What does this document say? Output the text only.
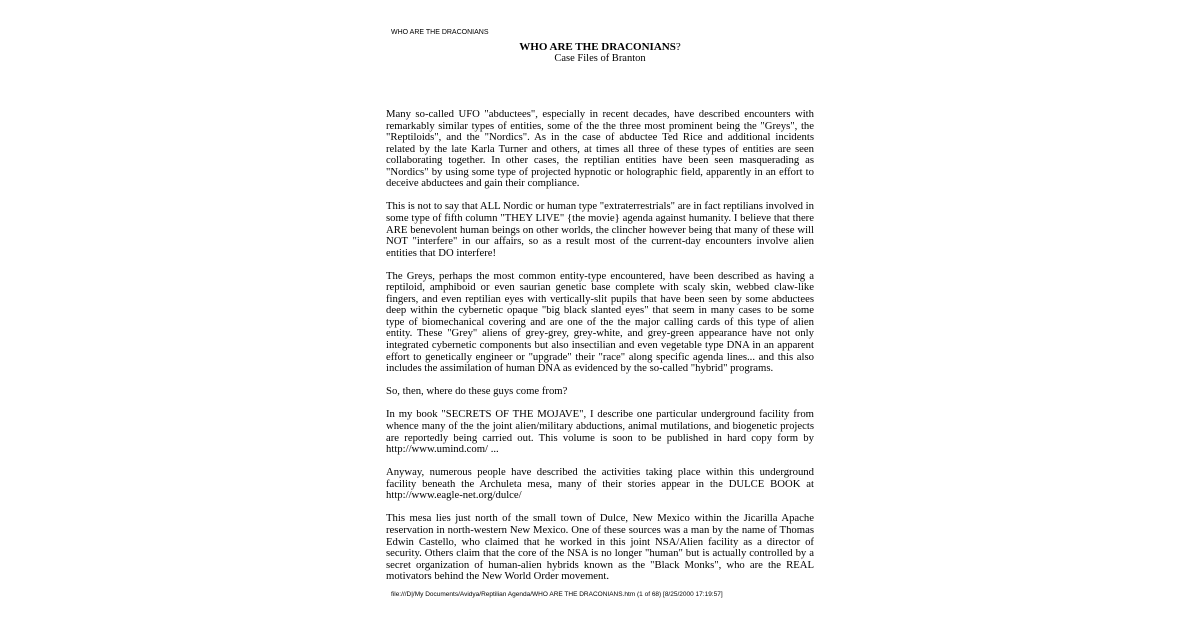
WHO ARE THE DRACONIANS
WHO ARE THE DRACONIANS?
Case Files of Branton

Many so-called UFO "abductees", especially in recent decades, have described encounters with remarkably similar types of entities, some of the the three most prominent being the "Greys", the "Reptiloids", and the "Nordics". As in the case of abductee Ted Rice and additional incidents related by the late Karla Turner and others, at times all three of these types of entities are seen collaborating together. In other cases, the reptilian entities have been seen masquerading as "Nordics" by using some type of projected hypnotic or holographic field, apparently in an effort to deceive abductees and gain their compliance.

This is not to say that ALL Nordic or human type "extraterrestrials" are in fact reptilians involved in some type of fifth column "THEY LIVE" {the movie} agenda against humanity. I believe that there ARE benevolent human beings on other worlds, the clincher however being that many of these will NOT "interfere" in our affairs, so as a result most of the current-day encounters involve alien entities that DO interfere!

The Greys, perhaps the most common entity-type encountered, have been described as having a reptiloid, amphiboid or even saurian genetic base complete with scaly skin, webbed claw-like fingers, and even reptilian eyes with vertically-slit pupils that have been seen by some abductees deep within the cybernetic opaque "big black slanted eyes" that seem in many cases to be some type of biomechanical covering and are one of the the major calling cards of this type of alien entity. These "Grey" aliens of grey-grey, grey-white, and grey-green appearance have not only integrated cybernetic components but also insectilian and even vegetable type DNA in an apparent effort to genetically engineer or "upgrade" their "race" along specific agenda lines... and this also includes the assimilation of human DNA as evidenced by the so-called "hybrid" programs.

So, then, where do these guys come from?

In my book "SECRETS OF THE MOJAVE", I describe one particular underground facility from whence many of the the joint alien/military abductions, animal mutilations, and biogenetic projects are reportedly being carried out. This volume is soon to be published in hard copy form by http://www.umind.com/ ...

Anyway, numerous people have described the activities taking place within this underground facility beneath the Archuleta mesa, many of their stories appear in the DULCE BOOK at http://www.eagle-net.org/dulce/

This mesa lies just north of the small town of Dulce, New Mexico within the Jicarilla Apache reservation in north-western New Mexico. One of these sources was a man by the name of Thomas Edwin Castello, who claimed that he worked in this joint NSA/Alien facility as a director of security. Others claim that the core of the NSA is no longer "human" but is actually controlled by a secret organization of human-alien hybrids known as the "Black Monks", who are the REAL motivators behind the New World Order movement.

file:///D|/My Documents/Avidya/Reptilian Agenda/WHO ARE THE DRACONIANS.htm (1 of 68) [8/25/2000 17:19:57]
